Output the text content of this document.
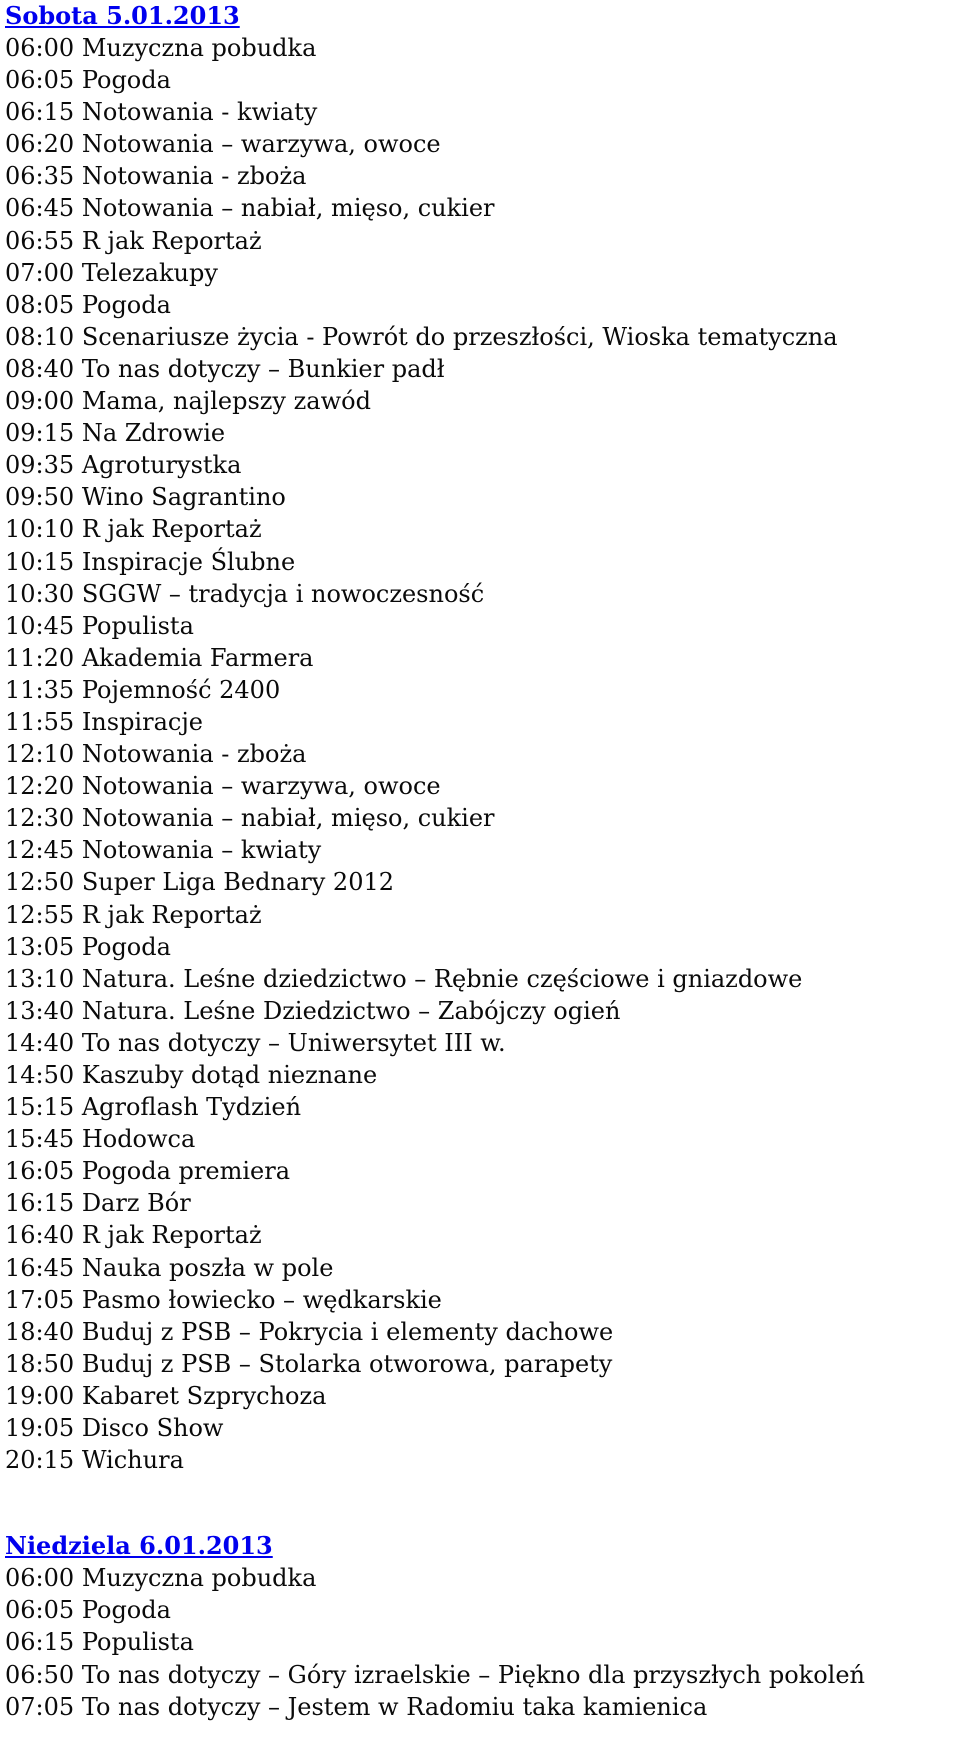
Sobota 5.01.2013
06:00 Muzyczna pobudka
06:05 Pogoda
06:15 Notowania - kwiaty
06:20 Notowania – warzywa, owoce
06:35 Notowania - zboża
06:45 Notowania – nabiał, mięso, cukier
06:55 R jak Reportaż
07:00 Telezakupy
08:05 Pogoda
08:10 Scenariusze życia - Powrót do przeszłości, Wioska tematyczna
08:40 To nas dotyczy – Bunkier padł
09:00 Mama, najlepszy zawód
09:15 Na Zdrowie
09:35 Agroturystka
09:50 Wino Sagrantino
10:10 R jak Reportaż
10:15 Inspiracje Ślubne
10:30 SGGW – tradycja i nowoczesność
10:45 Populista
11:20 Akademia Farmera
11:35 Pojemność 2400
11:55 Inspiracje
12:10 Notowania - zboża
12:20 Notowania – warzywa, owoce
12:30 Notowania – nabiał, mięso, cukier
12:45 Notowania – kwiaty
12:50 Super Liga Bednary 2012
12:55 R jak Reportaż
13:05 Pogoda
13:10 Natura. Leśne dziedzictwo – Rębnie częściowe i gniazdowe
13:40 Natura. Leśne Dziedzictwo – Zabójczy ogień
14:40 To nas dotyczy – Uniwersytet III w.
14:50 Kaszuby dotąd nieznane
15:15 Agroflash Tydzień
15:45 Hodowca
16:05 Pogoda premiera
16:15 Darz Bór
16:40 R jak Reportaż
16:45 Nauka poszła w pole
17:05 Pasmo łowiecko – wędkarskie
18:40 Buduj z PSB – Pokrycia i elementy dachowe
18:50 Buduj z PSB – Stolarka otworowa, parapety
19:00 Kabaret Szprychoza
19:05 Disco Show
20:15 Wichura
Niedziela 6.01.2013
06:00 Muzyczna pobudka
06:05 Pogoda
06:15 Populista
06:50 To nas dotyczy – Góry izraelskie – Piękno dla przyszłych pokoleń
07:05 To nas dotyczy – Jestem w Radomiu taka kamienica
